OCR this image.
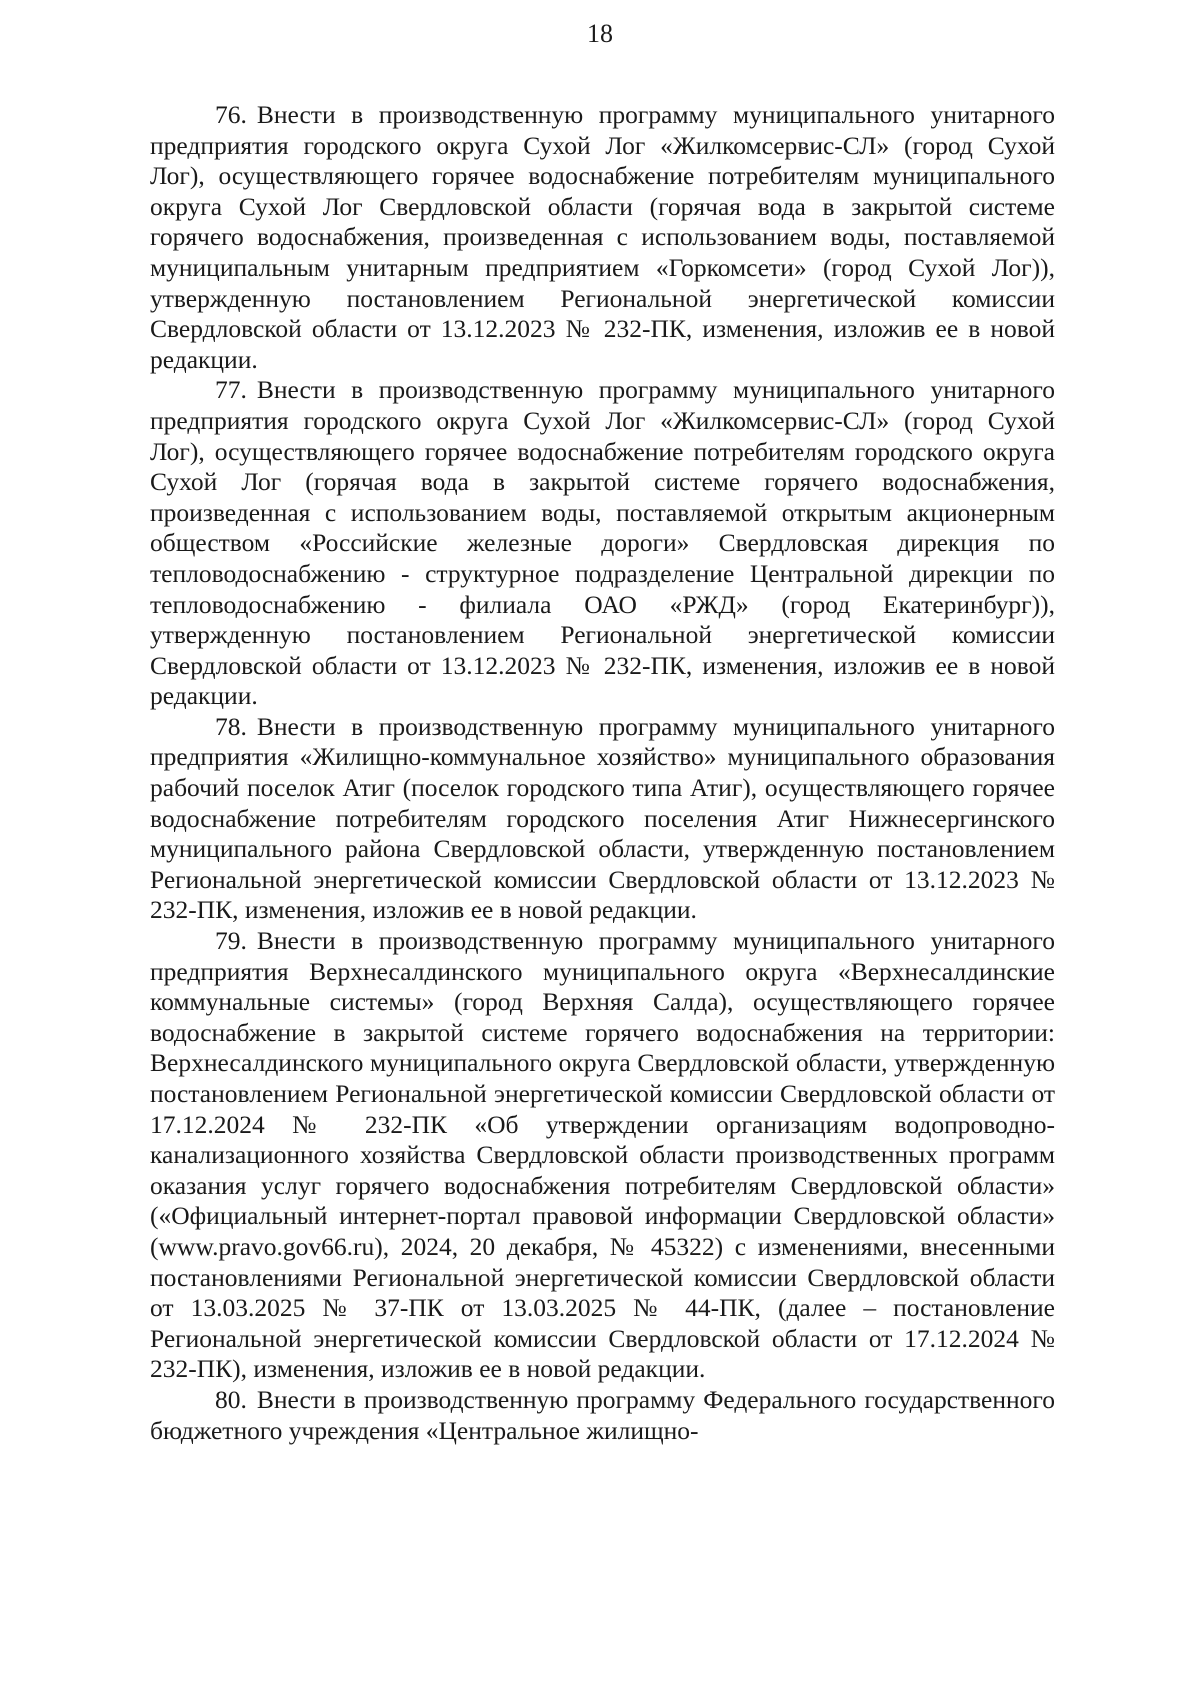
18

76. Внести в производственную программу муниципального унитарного предприятия городского округа Сухой Лог «Жилкомсервис-СЛ» (город Сухой Лог), осуществляющего горячее водоснабжение потребителям муниципального округа Сухой Лог Свердловской области (горячая вода в закрытой системе горячего водоснабжения, произведенная с использованием воды, поставляемой муниципальным унитарным предприятием «Горкомсети» (город Сухой Лог)), утвержденную постановлением Региональной энергетической комиссии Свердловской области от 13.12.2023 № 232-ПК, изменения, изложив ее в новой редакции.

77. Внести в производственную программу муниципального унитарного предприятия городского округа Сухой Лог «Жилкомсервис-СЛ» (город Сухой Лог), осуществляющего горячее водоснабжение потребителям городского округа Сухой Лог (горячая вода в закрытой системе горячего водоснабжения, произведенная с использованием воды, поставляемой открытым акционерным обществом «Российские железные дороги» Свердловская дирекция по тепловодоснабжению - структурное подразделение Центральной дирекции по тепловодоснабжению - филиала ОАО «РЖД» (город Екатеринбург)), утвержденную постановлением Региональной энергетической комиссии Свердловской области от 13.12.2023 № 232-ПК, изменения, изложив ее в новой редакции.

78. Внести в производственную программу муниципального унитарного предприятия «Жилищно-коммунальное хозяйство» муниципального образования рабочий поселок Атиг (поселок городского типа Атиг), осуществляющего горячее водоснабжение потребителям городского поселения Атиг Нижнесергинского муниципального района Свердловской области, утвержденную постановлением Региональной энергетической комиссии Свердловской области от 13.12.2023 № 232-ПК, изменения, изложив ее в новой редакции.

79. Внести в производственную программу муниципального унитарного предприятия Верхнесалдинского муниципального округа «Верхнесалдинские коммунальные системы» (город Верхняя Салда), осуществляющего горячее водоснабжение в закрытой системе горячего водоснабжения на территории: Верхнесалдинского муниципального округа Свердловской области, утвержденную постановлением Региональной энергетической комиссии Свердловской области от 17.12.2024 № 232-ПК «Об утверждении организациям водопроводно-канализационного хозяйства Свердловской области производственных программ оказания услуг горячего водоснабжения потребителям Свердловской области» («Официальный интернет-портал правовой информации Свердловской области» (www.pravo.gov66.ru), 2024, 20 декабря, № 45322) с изменениями, внесенными постановлениями Региональной энергетической комиссии Свердловской области от 13.03.2025 № 37-ПК от 13.03.2025 № 44-ПК, (далее – постановление Региональной энергетической комиссии Свердловской области от 17.12.2024 № 232-ПК), изменения, изложив ее в новой редакции.

80. Внести в производственную программу Федерального государственного бюджетного учреждения «Центральное жилищно-
